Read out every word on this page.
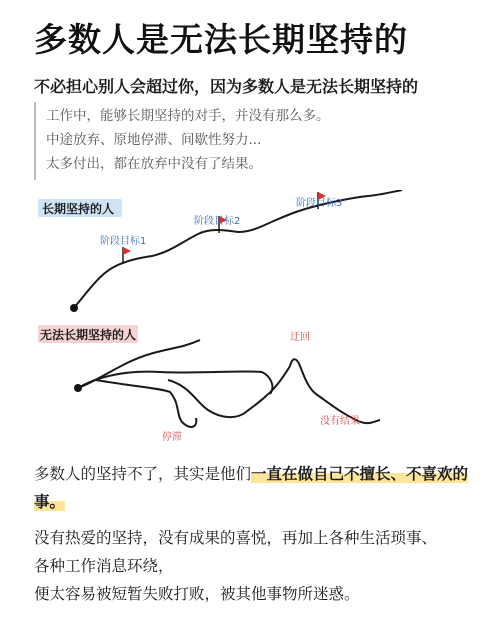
多数人是无法长期坚持的
不必担心别人会超过你，因为多数人是无法长期坚持的
工作中，能够长期坚持的对手，并没有那么多。
中途放弃、原地停滞、间歇性努力...
太多付出，都在放弃中没有了结果。
长期坚持的人
阶段目标1
阶段目标2
阶段目标3
无法长期坚持的人	迂回
停滞
没有结果
多数人的坚持不了，其实是他们一直在做自己不擅长、不喜欢的事。
没有热爱的坚持，没有成果的喜悦，再加上各种生活琐事、
各种工作消息环绕，
便太容易被短暂失败打败，被其他事物所迷惑。
